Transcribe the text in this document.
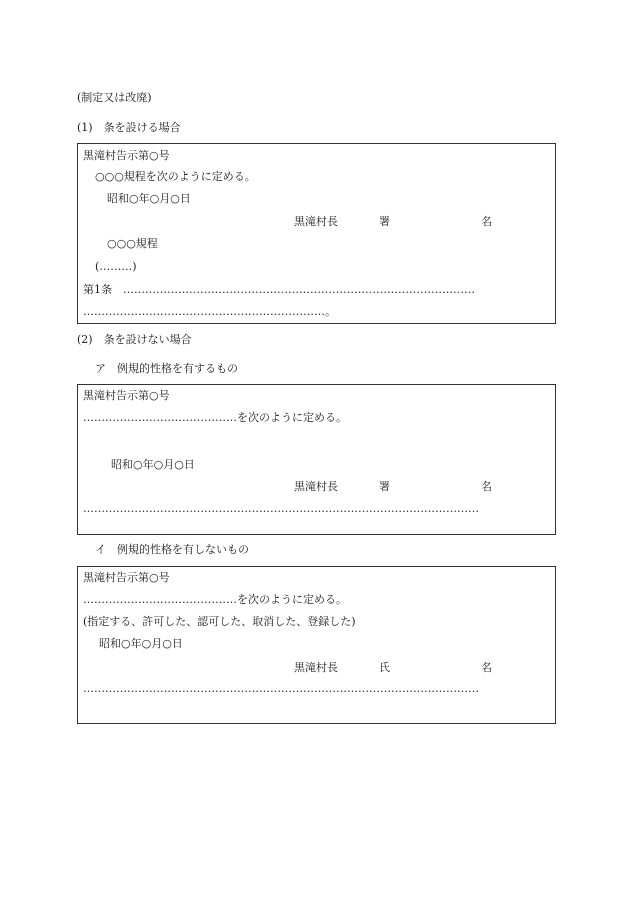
(制定又は改廃)
(1)　条を設ける場合
黒滝村告示第○号
○○○規程を次のように定める。
昭和○年○月○日
黒滝村長	署	名
○○○規程
(………)
第1条 ……………………………………………………………………………………
…………………………………………………………。
(2)　条を設けない場合
ア　例規的性格を有するもの
黒滝村告示第○号
……………………………………を次のように定める。
昭和○年○月○日
黒滝村長	署	名
………………………………………………………………………………………………
イ　例規的性格を有しないもの
黒滝村告示第○号
……………………………………を次のように定める。
(指定する、許可した、認可した、取消した、登録した)
昭和○年○月○日
黒滝村長	氏	名
………………………………………………………………………………………………
